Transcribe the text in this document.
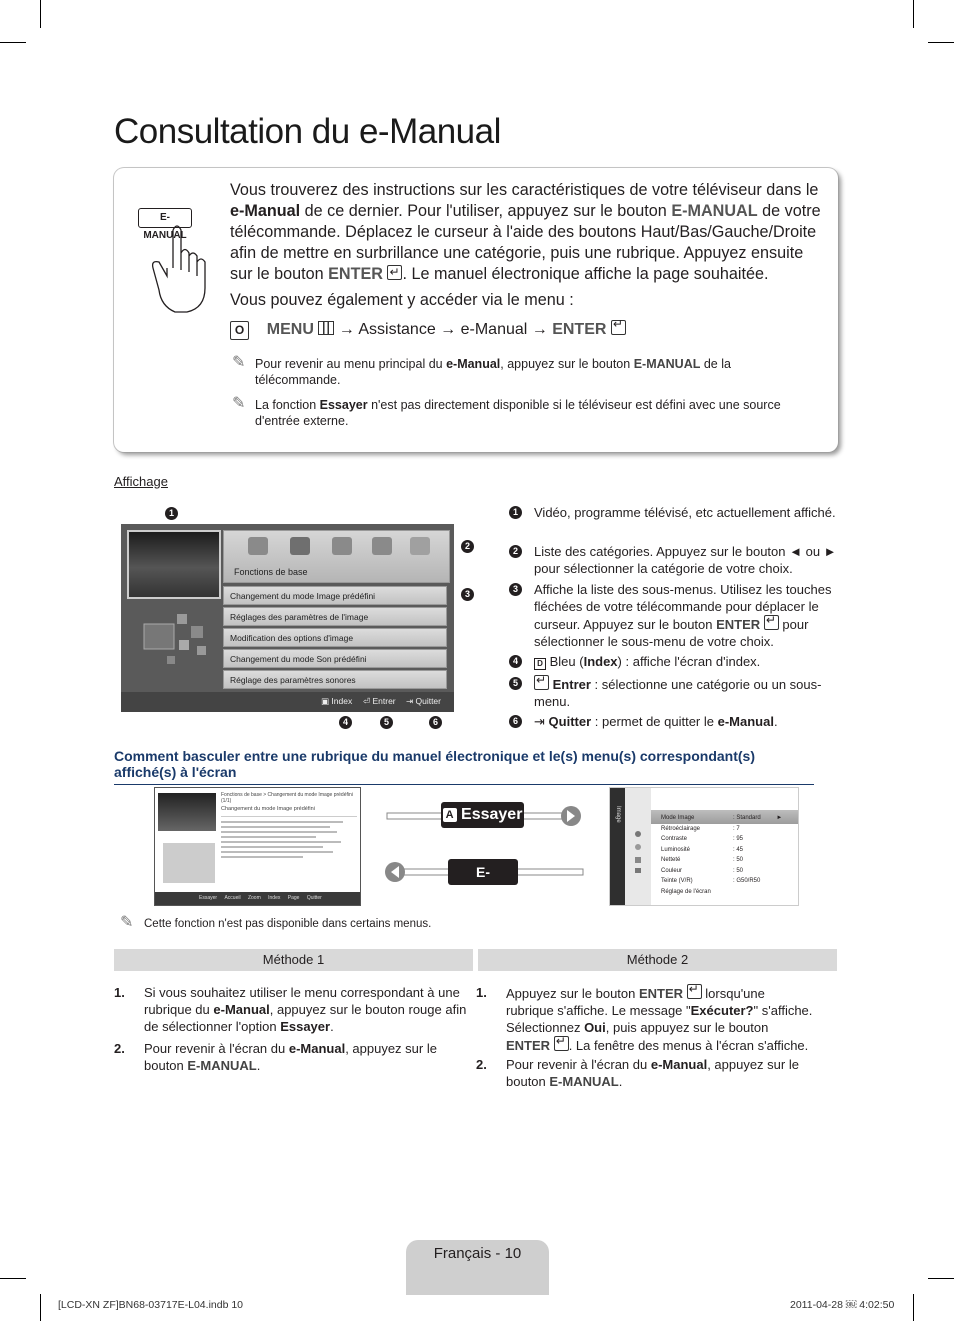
Consultation du e-Manual
E-MANUAL
Vous trouverez des instructions sur les caractéristiques de votre téléviseur dans le e-Manual de ce dernier. Pour l'utiliser, appuyez sur le bouton E-MANUAL de votre télécommande. Déplacez le curseur à l'aide des boutons Haut/Bas/Gauche/Droite afin de mettre en surbrillance une catégorie, puis une rubrique. Appuyez ensuite sur le bouton ENTER ↵ . Le manuel électronique affiche la page souhaitée.
Vous pouvez également y accéder via le menu :
O MENU  → Assistance → e-Manual → ENTER ↵
✎ Pour revenir au menu principal du e-Manual, appuyez sur le bouton E-MANUAL de la télécommande.
✎ La fonction Essayer n'est pas directement disponible si le téléviseur est défini avec une source d'entrée externe.
Affichage
Fonctions de base
Changement du mode Image prédéfini
Réglages des paramètres de l'image
Modification des options d'image
Changement du mode Son prédéfini
Réglage des paramètres sonores
▣ Index ⏎ Entrer ⇥ Quitter
1
2
3
4	5	6
1	Vidéo, programme télévisé, etc actuellement affiché.
2	Liste des catégories. Appuyez sur le bouton ◄ ou ► pour sélectionner la catégorie de votre choix.
3	Affiche la liste des sous-menus. Utilisez les touches fléchées de votre télécommande pour déplacer le curseur. Appuyez sur le bouton ENTER ↵ pour sélectionner le sous-menu de votre choix.
4	D Bleu (Index) : affiche l'écran d'index.
5 ↵	Entrer : sélectionne une catégorie ou un sous-menu.
6	⇥ Quitter : permet de quitter le e-Manual.
Comment basculer entre une rubrique du manuel électronique et le(s) menu(s) correspondant(s) affiché(s) à l'écran
Fonctions de base > Changement du mode Image prédéfini (1/1)
Changement du mode Image prédéfini
Essayer Accueil Zoom Index Page Quitter
A Essayer
E-MANUAL
Image	Mode Image	: Standard	►
Rétroéclairage	: 7
Contraste	: 95
Luminosité	: 45
Netteté	: 50
Couleur	: 50
Teinte (V/R)	: G50/R50
Réglage de l'écran
✎ Cette fonction n'est pas disponible dans certains menus.
Méthode 1	Méthode 2
1. Si vous souhaitez utiliser le menu correspondant à une rubrique du e-Manual, appuyez sur le bouton rouge afin de sélectionner l'option Essayer.
2. Pour revenir à l'écran du e-Manual, appuyez sur le bouton E-MANUAL.
1. Appuyez sur le bouton ENTER ↵ lorsqu'une rubrique s'affiche. Le message "Exécuter?" s'affiche. Sélectionnez Oui, puis appuyez sur le bouton ENTER ↵ . La fenêtre des menus à l'écran s'affiche.
2. Pour revenir à l'écran du e-Manual, appuyez sur le bouton E-MANUAL.
Français - 10
[LCD-XN ZF]BN68-03717E-L04.indb 10	2011-04-28 ￼ 4:02:50
